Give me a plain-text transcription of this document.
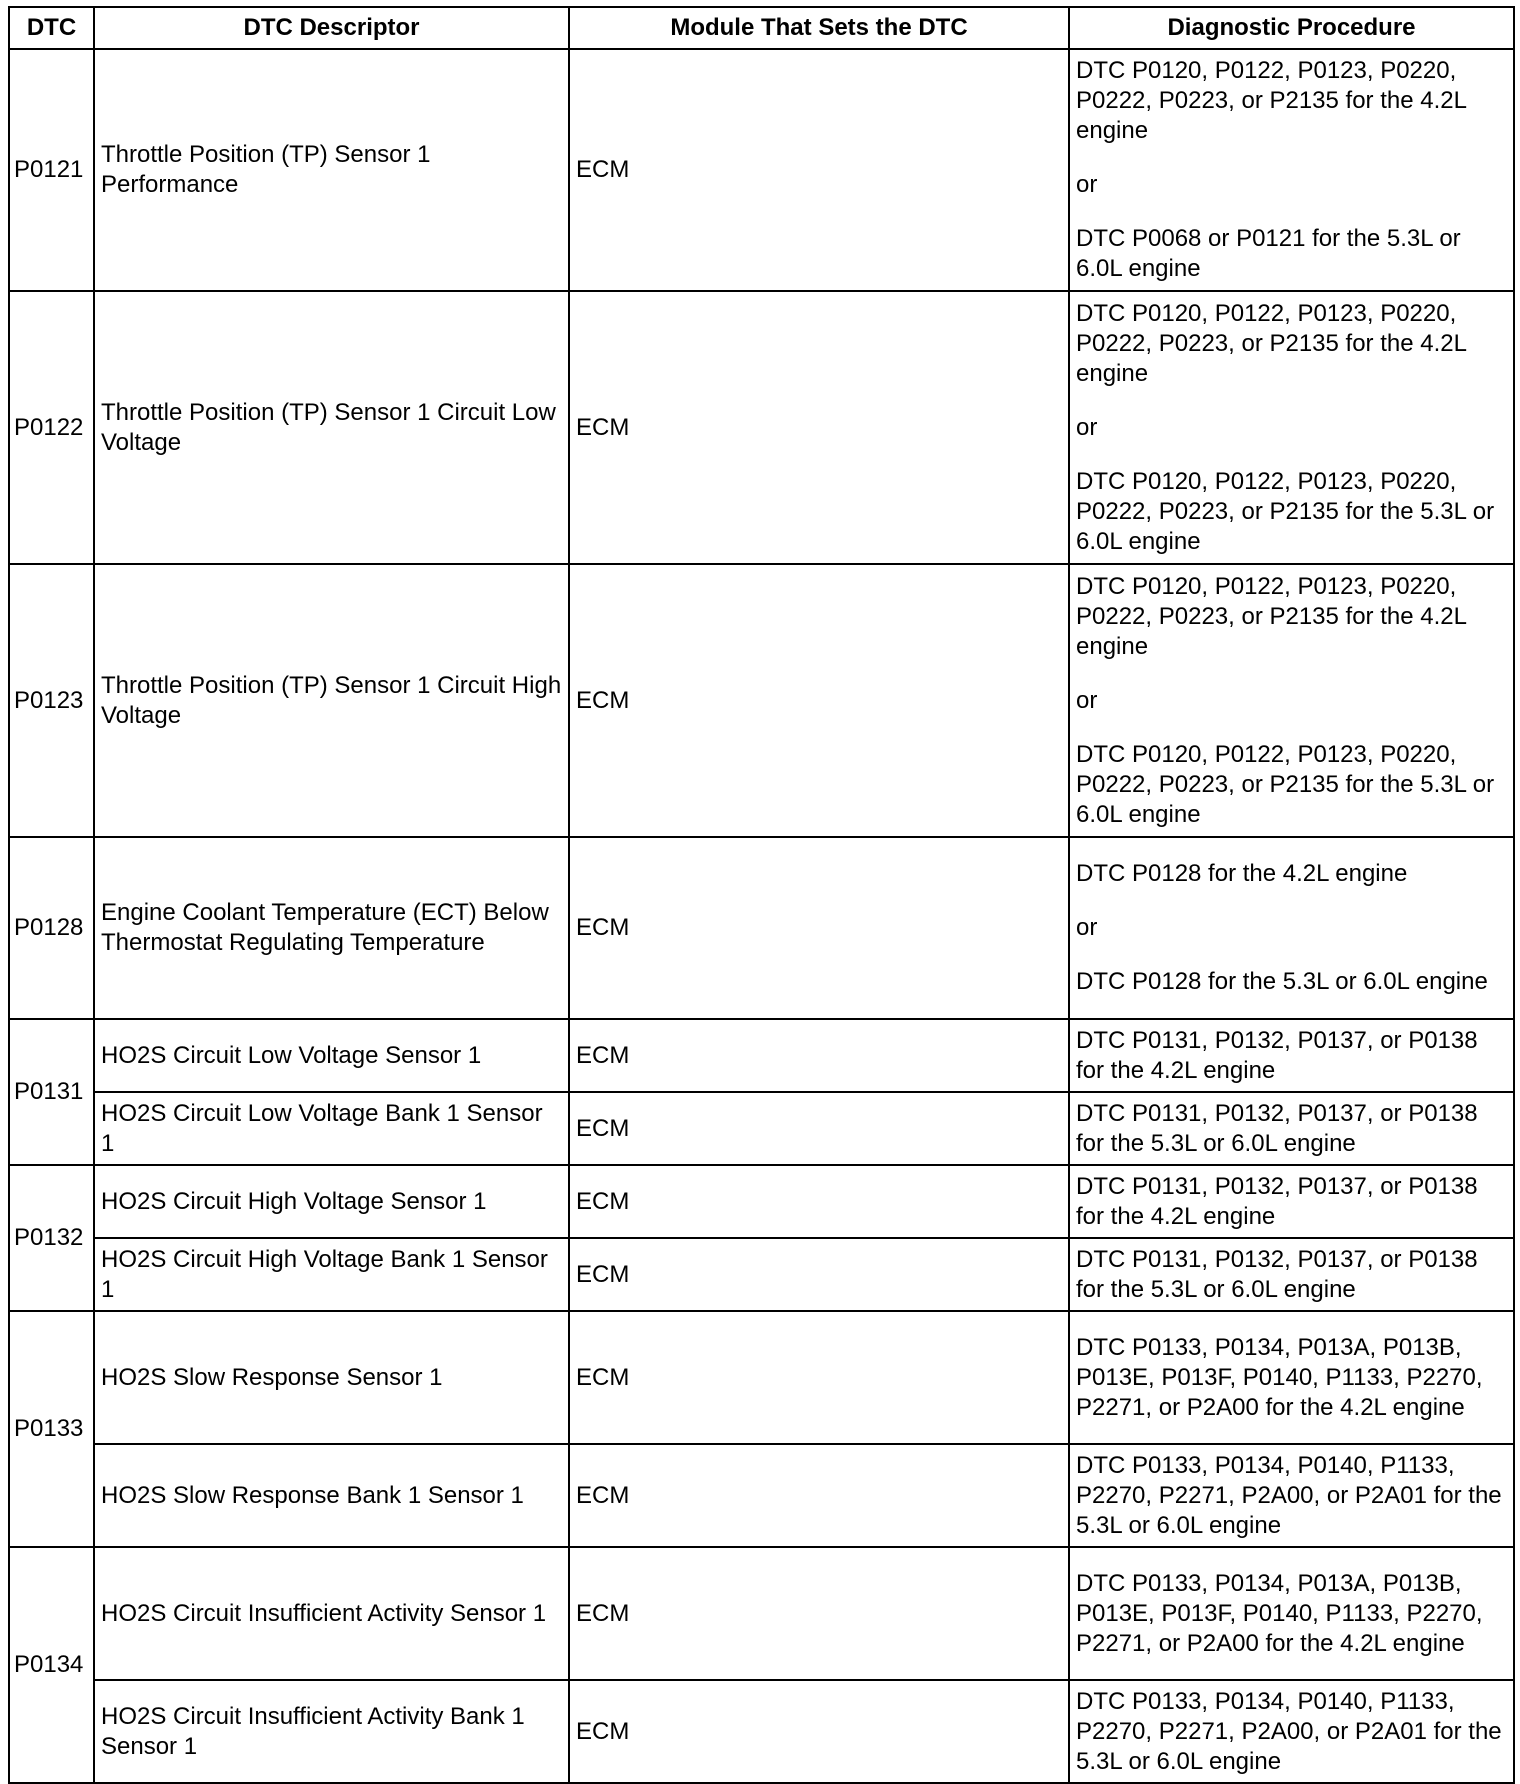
DTC	DTC Descriptor	Module That Sets the DTC	Diagnostic Procedure
P0121	Throttle Position (TP) Sensor 1 Performance	ECM	DTC P0120, P0122, P0123, P0220, P0222, P0223, or P2135 for the 4.2L engine
or
DTC P0068 or P0121 for the 5.3L or 6.0L engine

P0122	Throttle Position (TP) Sensor 1 Circuit Low Voltage	ECM	DTC P0120, P0122, P0123, P0220, P0222, P0223, or P2135 for the 4.2L engine
or
DTC P0120, P0122, P0123, P0220, P0222, P0223, or P2135 for the 5.3L or 6.0L engine

P0123	Throttle Position (TP) Sensor 1 Circuit High Voltage	ECM	DTC P0120, P0122, P0123, P0220, P0222, P0223, or P2135 for the 4.2L engine
or
DTC P0120, P0122, P0123, P0220, P0222, P0223, or P2135 for the 5.3L or 6.0L engine

P0128	Engine Coolant Temperature (ECT) Below Thermostat Regulating Temperature	ECM	DTC P0128 for the 4.2L engine
or
DTC P0128 for the 5.3L or 6.0L engine

P0131	HO2S Circuit Low Voltage Sensor 1	ECM	DTC P0131, P0132, P0137, or P0138 for the 4.2L engine
	HO2S Circuit Low Voltage Bank 1 Sensor 1	ECM	DTC P0131, P0132, P0137, or P0138 for the 5.3L or 6.0L engine
P0132	HO2S Circuit High Voltage Sensor 1	ECM	DTC P0131, P0132, P0137, or P0138 for the 4.2L engine
	HO2S Circuit High Voltage Bank 1 Sensor 1	ECM	DTC P0131, P0132, P0137, or P0138 for the 5.3L or 6.0L engine
P0133	HO2S Slow Response Sensor 1	ECM	DTC P0133, P0134, P013A, P013B, P013E, P013F, P0140, P1133, P2270, P2271, or P2A00 for the 4.2L engine
	HO2S Slow Response Bank 1 Sensor 1	ECM	DTC P0133, P0134, P0140, P1133, P2270, P2271, P2A00, or P2A01 for the 5.3L or 6.0L engine
P0134	HO2S Circuit Insufficient Activity Sensor 1	ECM	DTC P0133, P0134, P013A, P013B, P013E, P013F, P0140, P1133, P2270, P2271, or P2A00 for the 4.2L engine
	HO2S Circuit Insufficient Activity Bank 1 Sensor 1	ECM	DTC P0133, P0134, P0140, P1133, P2270, P2271, P2A00, or P2A01 for the 5.3L or 6.0L engine
